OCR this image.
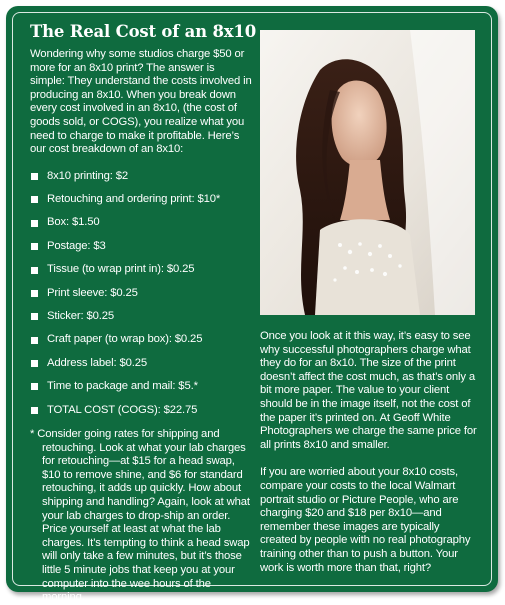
The Real Cost of an 8x10

Wondering why some studios charge $50 or more for an 8x10 print? The answer is simple: They understand the costs involved in producing an 8x10. When you break down every cost involved in an 8x10, (the cost of goods sold, or COGS), you realize what you need to charge to make it profitable. Here’s our cost breakdown of an 8x10:

8x10 printing: $2
Retouching and ordering print: $10*
Box: $1.50
Postage: $3
Tissue (to wrap print in): $0.25
Print sleeve: $0.25
Sticker: $0.25
Craft paper (to wrap box): $0.25
Address label: $0.25
Time to package and mail: $5.*
TOTAL COST (COGS): $22.75

* Consider going rates for shipping and retouching. Look at what your lab charges for retouching—at $15 for a head swap, $10 to remove shine, and $6 for standard retouching, it adds up quickly. How about shipping and handling? Again, look at what your lab charges to drop-ship an order. Price yourself at least at what the lab charges. It’s tempting to think a head swap will only take a few minutes, but it’s those little 5 minute jobs that keep you at your computer into the wee hours of the morning.

Once you look at it this way, it’s easy to see why successful photographers charge what they do for an 8x10. The size of the print doesn’t affect the cost much, as that’s only a bit more paper. The value to your client should be in the image itself, not the cost of the paper it’s printed on. At Geoff White Photographers we charge the same price for all prints 8x10 and smaller.

If you are worried about your 8x10 costs, compare your costs to the local Walmart portrait studio or Picture People, who are charging $20 and $18 per 8x10—and remember these images are typically created by people with no real photography training other than to push a button. Your work is worth more than that, right?
